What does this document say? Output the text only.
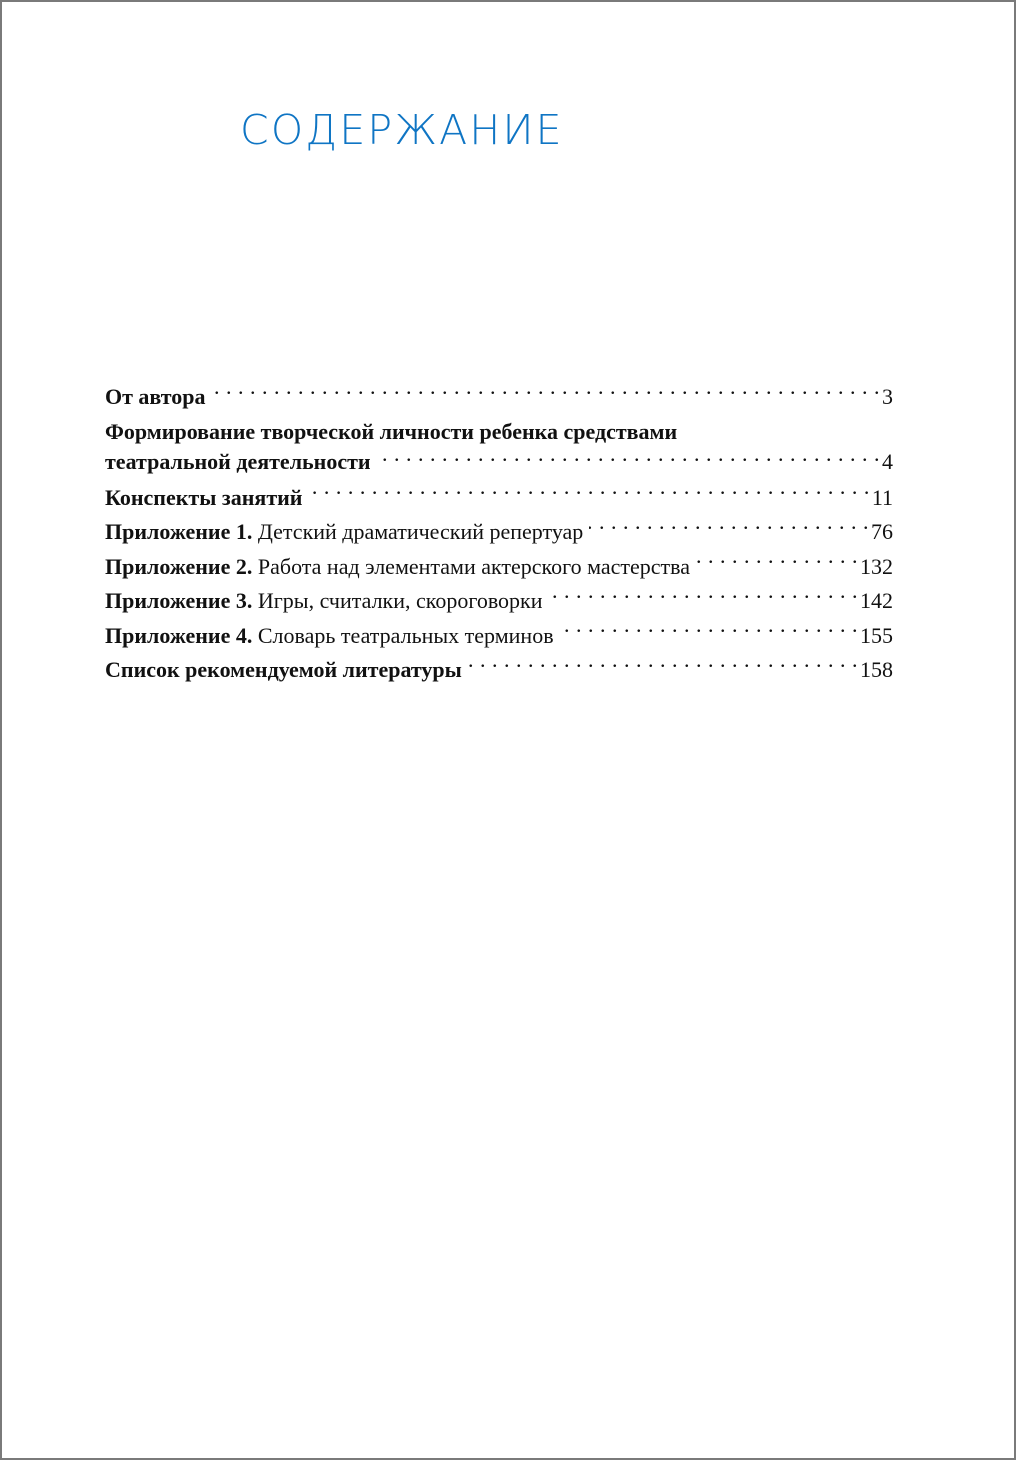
СОДЕРЖАНИЕ
От автора . . .	3
Формирование творческой личности ребенка средствами
театральной деятельности . . .	4
Конспекты занятий . . .	11
Приложение 1.
Детский драматический репертуар . . .	76
Приложение 2.
Работа над элементами актерского мастерства . . .	132
Приложение 3.
Игры, считалки, скороговорки . . .	142
Приложение 4.
Словарь театральных терминов . . .	155
Список рекомендуемой литературы . . .	158
